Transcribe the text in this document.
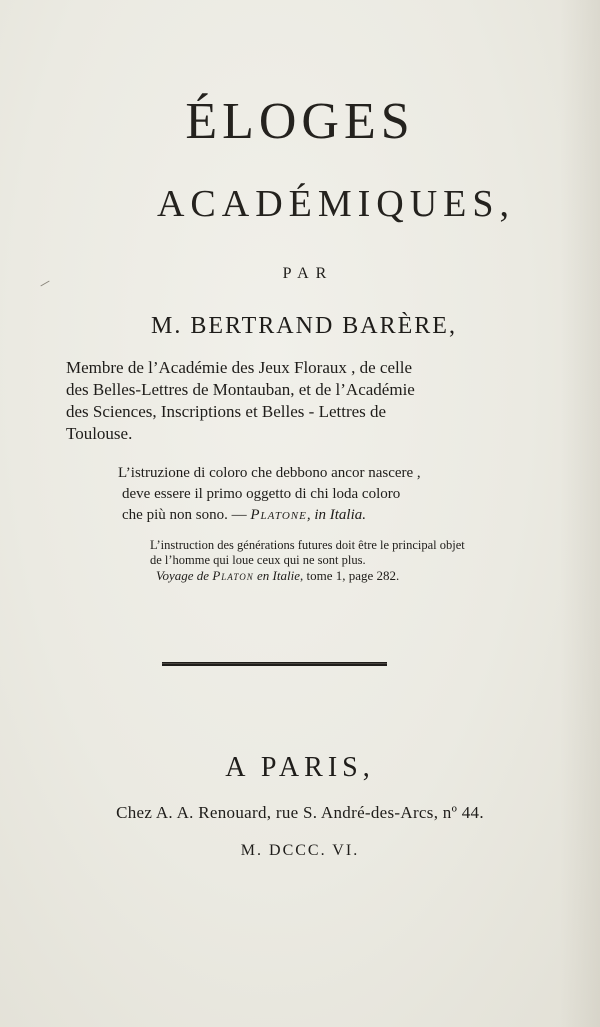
ÉLOGES
ACADÉMIQUES,
PAR
M. BERTRAND BARÈRE,
Membre de l’Académie des Jeux Floraux , de celle
des Belles-Lettres de Montauban, et de l’Académie
des Sciences, Inscriptions et Belles - Lettres de
Toulouse.
L’istruzione di coloro che debbono ancor nascere ,
deve essere il primo oggetto di chi loda coloro
che più non sono. — Platone, in Italia.
L’instruction des générations futures doit être le principal objet
de l’homme qui loue ceux qui ne sont plus.
Voyage de Platon en Italie, tome 1, page 282.
A PARIS,
Chez A. A. Renouard, rue S. André-des-Arcs, nº 44.
M. DCCC. VI.
